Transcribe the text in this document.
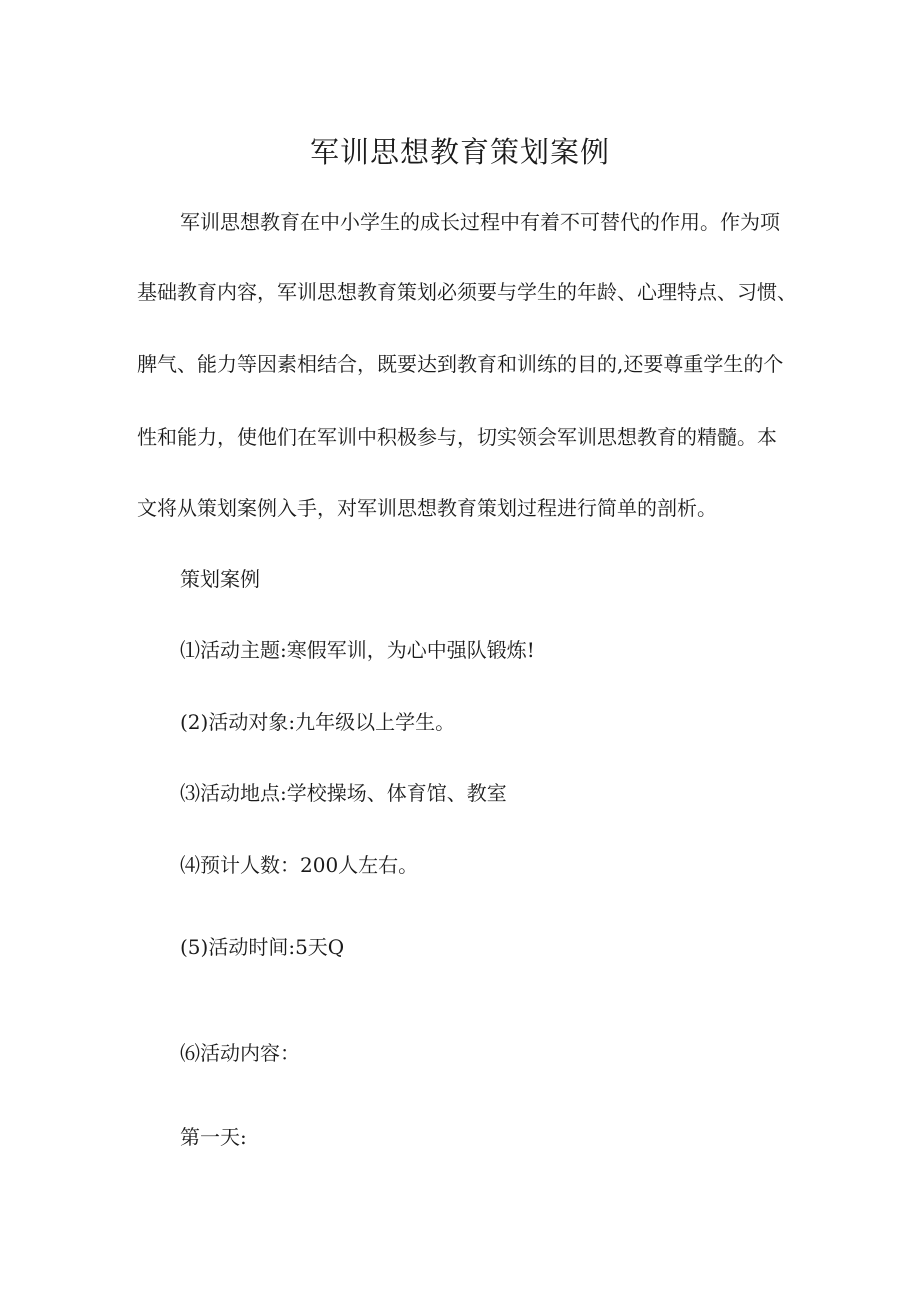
军训思想教育策划案例

军训思想教育在中小学生的成长过程中有着不可替代的作用。作为项

基础教育内容，军训思想教育策划必须要与学生的年龄、心理特点、习惯、

脾气、能力等因素相结合，既要达到教育和训练的目的,还要尊重学生的个

性和能力，使他们在军训中积极参与，切实领会军训思想教育的精髓。本

文将从策划案例入手，对军训思想教育策划过程进行简单的剖析。

策划案例

⑴活动主题:寒假军训，为心中强队锻炼!

(2)活动对象:九年级以上学生。

⑶活动地点:学校操场、体育馆、教室

⑷预计人数：200人左右。

(5)活动时间:5天Q

⑹活动内容：

第一天:
